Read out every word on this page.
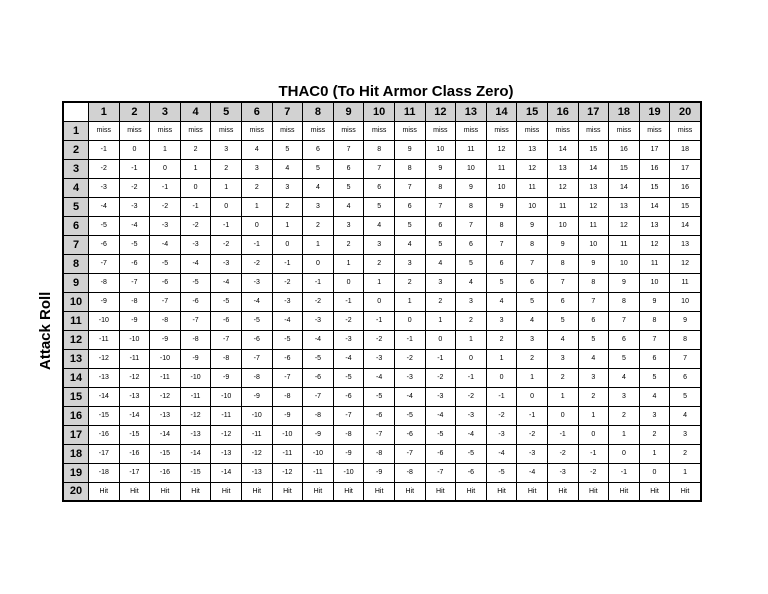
THAC0 (To Hit Armor Class Zero)
Attack Roll
	1	2	3	4	5	6	7	8	9	10	11	12	13	14	15	16	17	18	19	20
1	miss	miss	miss	miss	miss	miss	miss	miss	miss	miss	miss	miss	miss	miss	miss	miss	miss	miss	miss	miss
2	-1	0	1	2	3	4	5	6	7	8	9	10	11	12	13	14	15	16	17	18
3	-2	-1	0	1	2	3	4	5	6	7	8	9	10	11	12	13	14	15	16	17
4	-3	-2	-1	0	1	2	3	4	5	6	7	8	9	10	11	12	13	14	15	16
5	-4	-3	-2	-1	0	1	2	3	4	5	6	7	8	9	10	11	12	13	14	15
6	-5	-4	-3	-2	-1	0	1	2	3	4	5	6	7	8	9	10	11	12	13	14
7	-6	-5	-4	-3	-2	-1	0	1	2	3	4	5	6	7	8	9	10	11	12	13
8	-7	-6	-5	-4	-3	-2	-1	0	1	2	3	4	5	6	7	8	9	10	11	12
9	-8	-7	-6	-5	-4	-3	-2	-1	0	1	2	3	4	5	6	7	8	9	10	11
10	-9	-8	-7	-6	-5	-4	-3	-2	-1	0	1	2	3	4	5	6	7	8	9	10
11	-10	-9	-8	-7	-6	-5	-4	-3	-2	-1	0	1	2	3	4	5	6	7	8	9
12	-11	-10	-9	-8	-7	-6	-5	-4	-3	-2	-1	0	1	2	3	4	5	6	7	8
13	-12	-11	-10	-9	-8	-7	-6	-5	-4	-3	-2	-1	0	1	2	3	4	5	6	7
14	-13	-12	-11	-10	-9	-8	-7	-6	-5	-4	-3	-2	-1	0	1	2	3	4	5	6
15	-14	-13	-12	-11	-10	-9	-8	-7	-6	-5	-4	-3	-2	-1	0	1	2	3	4	5
16	-15	-14	-13	-12	-11	-10	-9	-8	-7	-6	-5	-4	-3	-2	-1	0	1	2	3	4
17	-16	-15	-14	-13	-12	-11	-10	-9	-8	-7	-6	-5	-4	-3	-2	-1	0	1	2	3
18	-17	-16	-15	-14	-13	-12	-11	-10	-9	-8	-7	-6	-5	-4	-3	-2	-1	0	1	2
19	-18	-17	-16	-15	-14	-13	-12	-11	-10	-9	-8	-7	-6	-5	-4	-3	-2	-1	0	1
20	Hit	Hit	Hit	Hit	Hit	Hit	Hit	Hit	Hit	Hit	Hit	Hit	Hit	Hit	Hit	Hit	Hit	Hit	Hit	Hit
